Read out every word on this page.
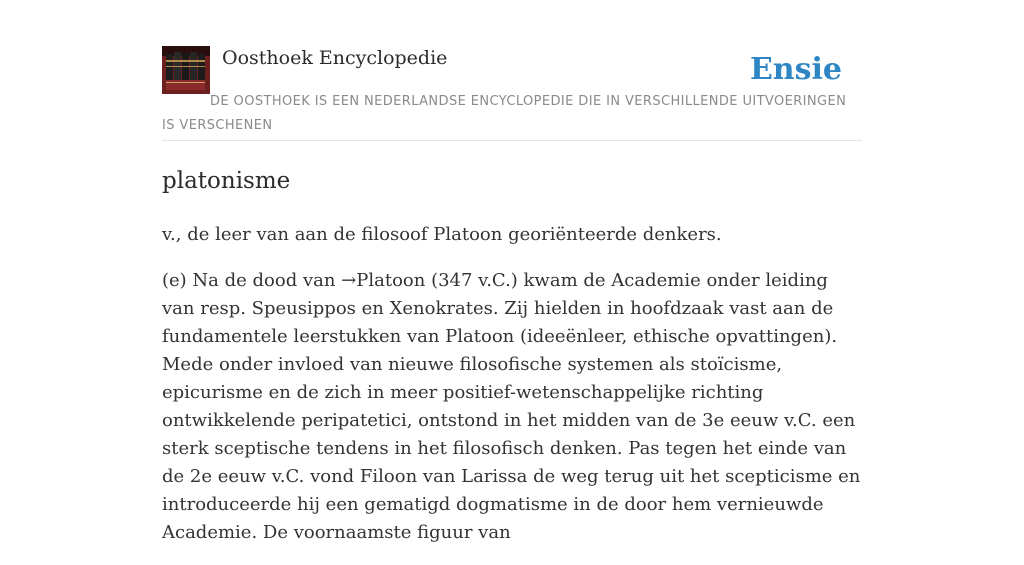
Oosthoek Encyclopedie	Ensie
DE OOSTHOEK IS EEN NEDERLANDSE ENCYCLOPEDIE DIE IN VERSCHILLENDE UITVOERINGEN IS VERSCHENEN
platonisme

v., de leer van aan de filosoof Platoon georiënteerde denkers.

(e) Na de dood van →Platoon (347 v.C.) kwam de Academie onder leiding van resp. Speusippos en Xenokrates. Zij hielden in hoofdzaak vast aan de fundamentele leerstukken van Platoon (ideeënleer, ethische opvattingen). Mede onder invloed van nieuwe filosofische systemen als stoïcisme, epicurisme en de zich in meer positief-wetenschappelijke richting ontwikkelende peripatetici, ontstond in het midden van de 3e eeuw v.C. een sterk sceptische tendens in het filosofisch denken. Pas tegen het einde van de 2e eeuw v.C. vond Filoon van Larissa de weg terug uit het scepticisme en introduceerde hij een gematigd dogmatisme in de door hem vernieuwde Academie. De voornaamste figuur van
